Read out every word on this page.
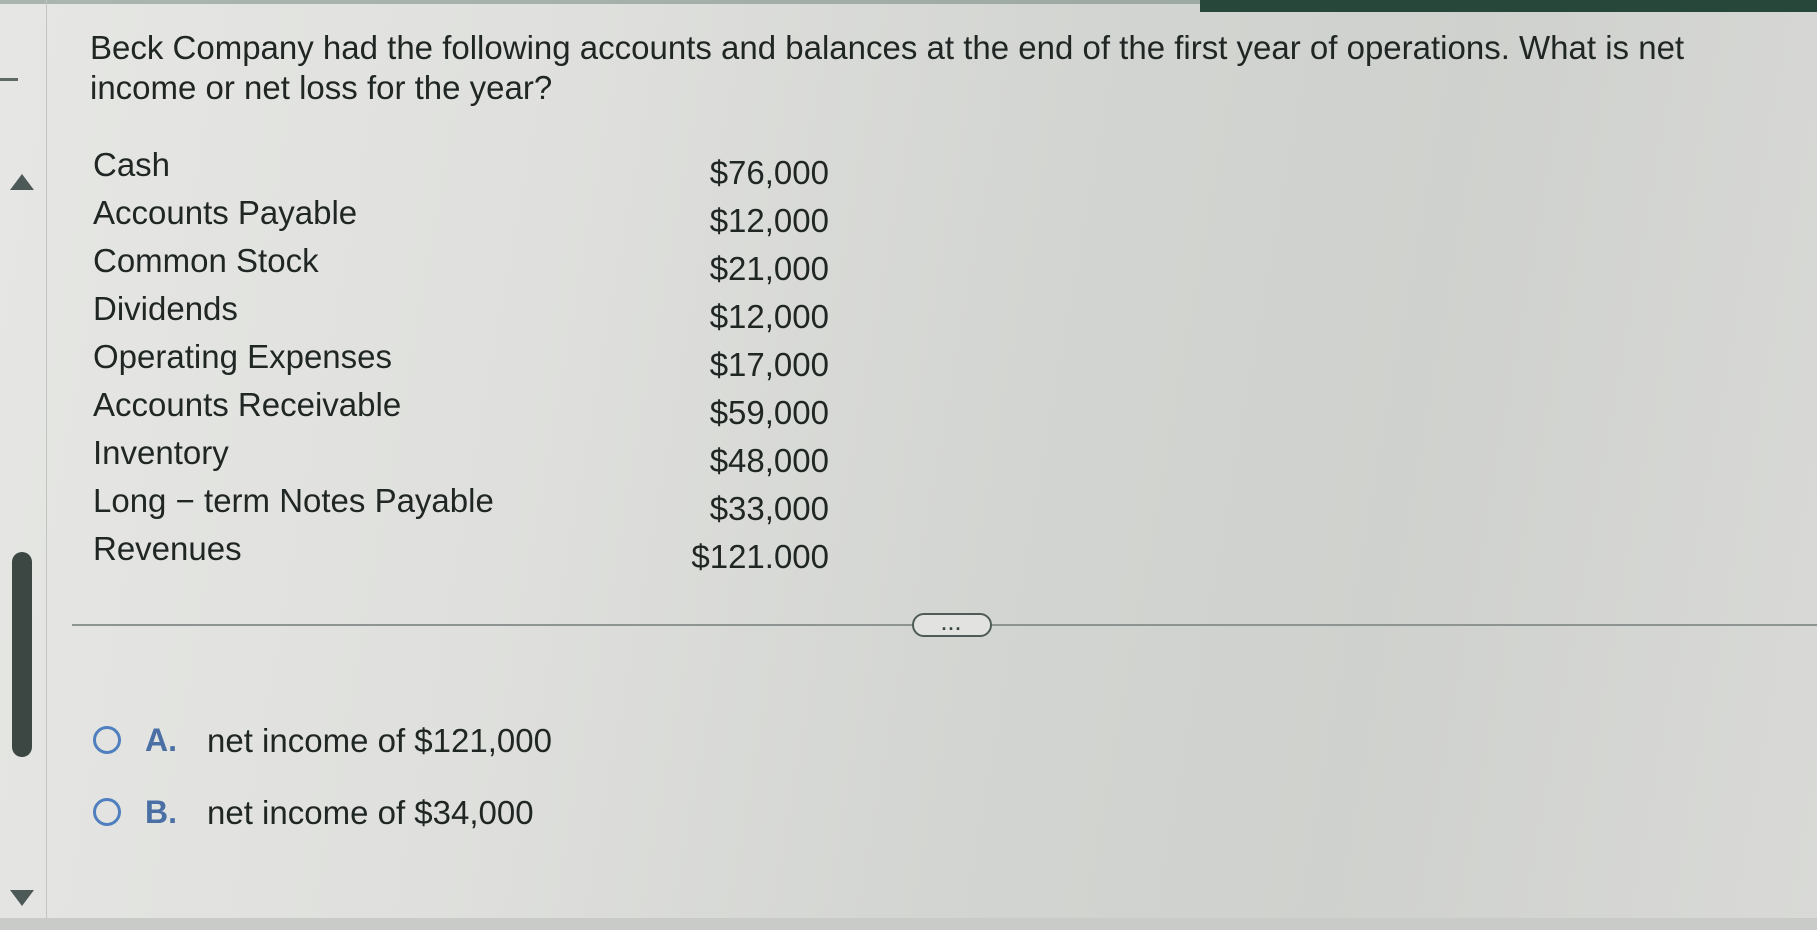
Beck Company had the following accounts and balances at the end of the first year of operations. What is net income or net loss for the year?

Cash	$76,000
Accounts Payable	$12,000
Common Stock	$21,000
Dividends	$12,000
Operating Expenses	$17,000
Accounts Receivable	$59,000
Inventory	$48,000
Long − term Notes Payable	$33,000
Revenues	$121.000
...
A. net income of $121,000
B. net income of $34,000
